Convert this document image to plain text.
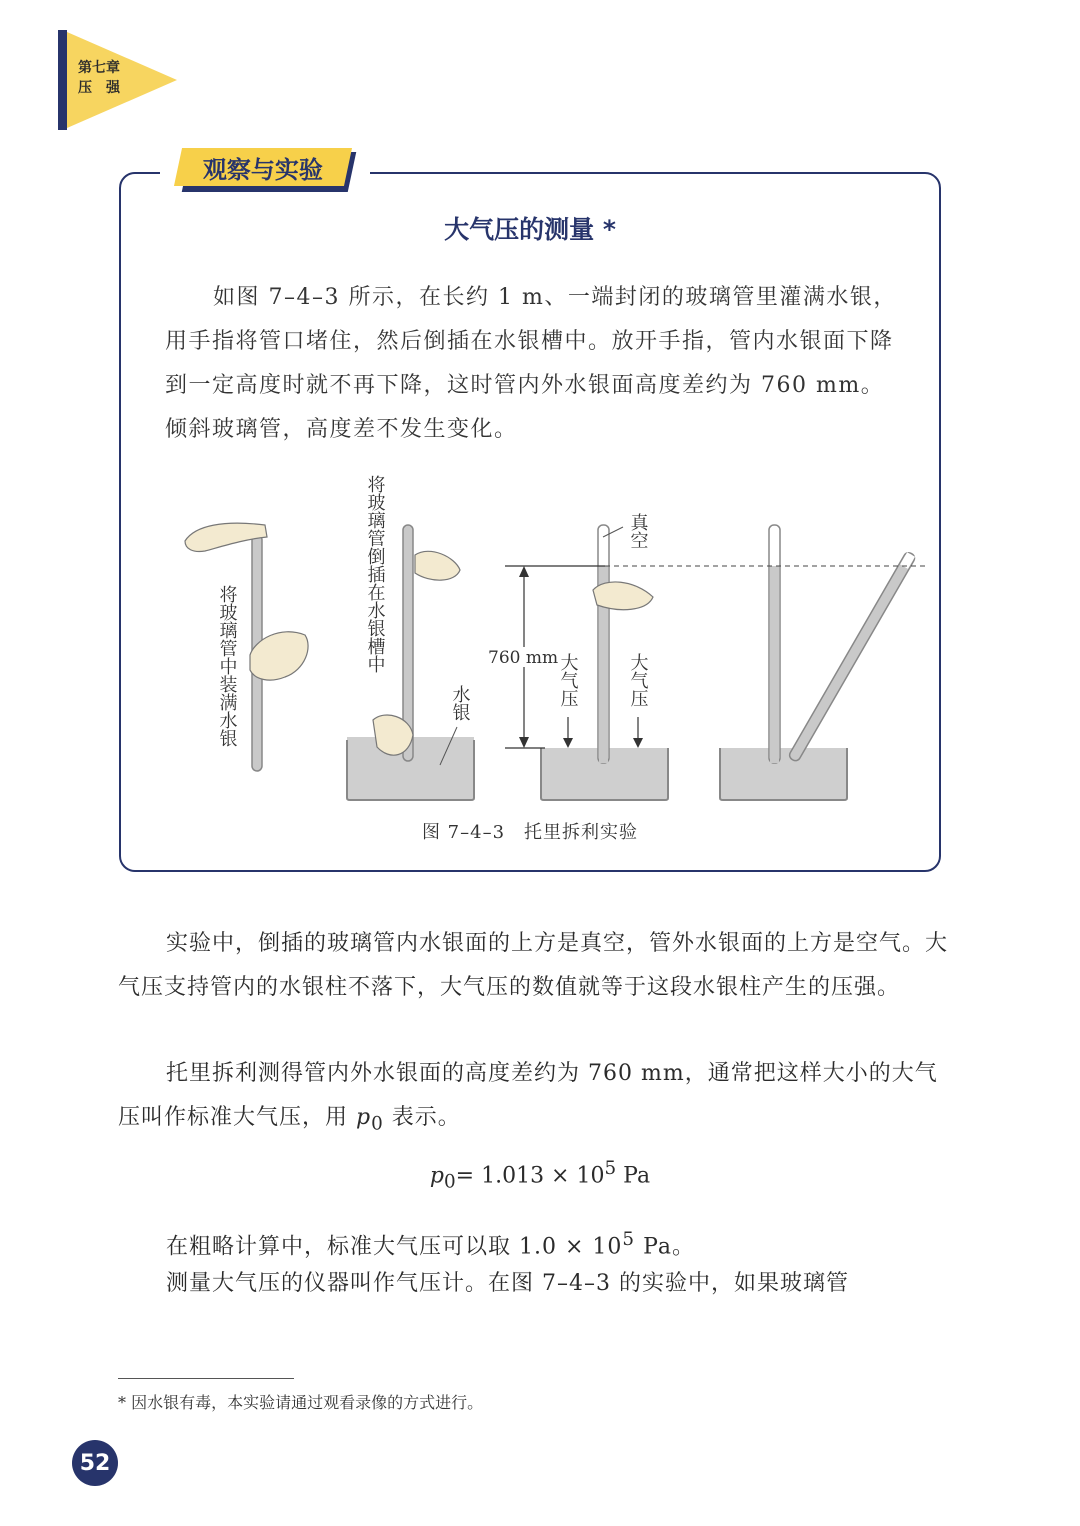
第七章
压　强
观察与实验
大气压的测量 *

如图 7–4–3 所示，在长约 1 m、一端封闭的玻璃管里灌满水银，用手指将管口堵住，然后倒插在水银槽中。放开手指，管内水银面下降到一定高度时就不再下降，这时管内外水银面高度差约为 760 mm。倾斜玻璃管，高度差不发生变化。

将玻璃管中装满水银	将玻璃管倒插在水银槽中
水银
真空
760 mm 大气压	大气压
图 7–4–3　托里拆利实验

实验中，倒插的玻璃管内水银面的上方是真空，管外水银面的上方是空气。大气压支持管内的水银柱不落下，大气压的数值就等于这段水银柱产生的压强。

托里拆利测得管内外水银面的高度差约为 760 mm，通常把这样大小的大气压叫作标准大气压，用 $p_0$ 表示。

$p_0= 1.013 \times 10^5$ Pa

在粗略计算中，标准大气压可以取 $1.0 \times 10^5$ Pa。

测量大气压的仪器叫作气压计。在图 7–4–3 的实验中，如果玻璃管

* 因水银有毒，本实验请通过观看录像的方式进行。
52
